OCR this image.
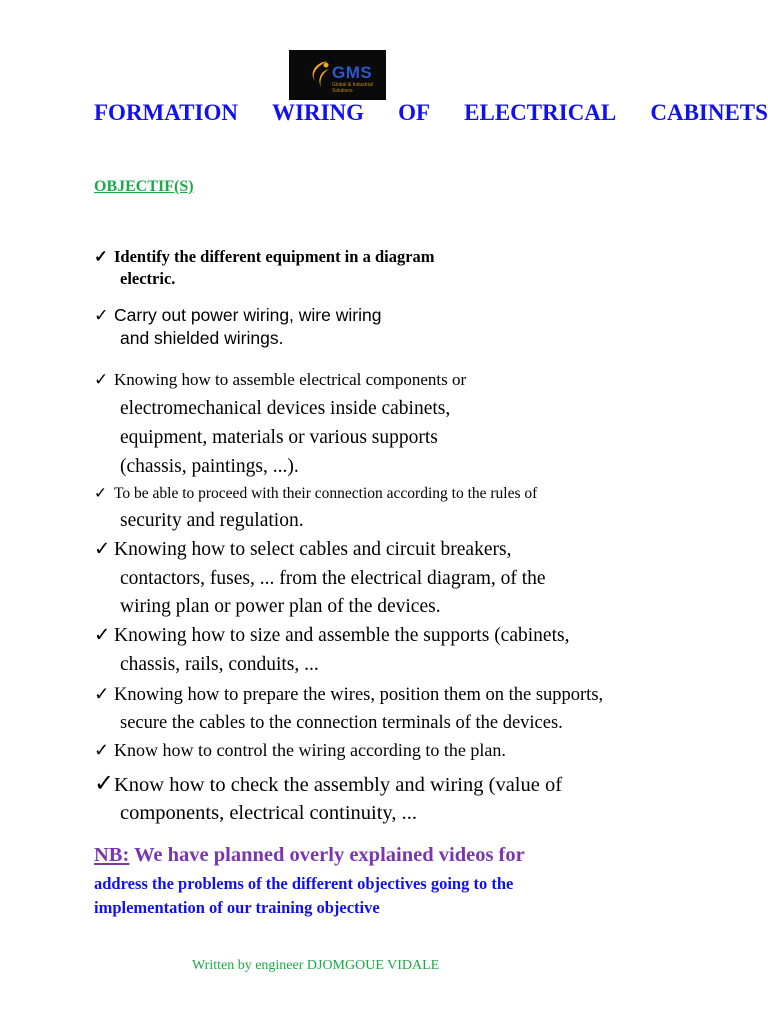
GMS
Global & Industrial Solutions
FORMATION WIRING OF ELECTRICAL CABINETS
OBJECTIF(S)
✓ Identify the different equipment in a diagram
electric.
✓ Carry out power wiring, wire wiring
and shielded wirings.
✓ Knowing how to assemble electrical components or
electromechanical devices inside cabinets,
equipment, materials or various supports
(chassis, paintings, ...).
✓ To be able to proceed with their connection according to the rules of
security and regulation.
✓ Knowing how to select cables and circuit breakers,
contactors, fuses, ... from the electrical diagram, of the
wiring plan or power plan of the devices.
✓ Knowing how to size and assemble the supports (cabinets,
chassis, rails, conduits, ...
✓ Knowing how to prepare the wires, position them on the supports,
secure the cables to the connection terminals of the devices.
✓ Know how to control the wiring according to the plan.
✓Know how to check the assembly and wiring (value of
components, electrical continuity, ...
NB: We have planned overly explained videos for
address the problems of the different objectives going to the
implementation of our training objective
Written by engineer DJOMGOUE VIDALE
